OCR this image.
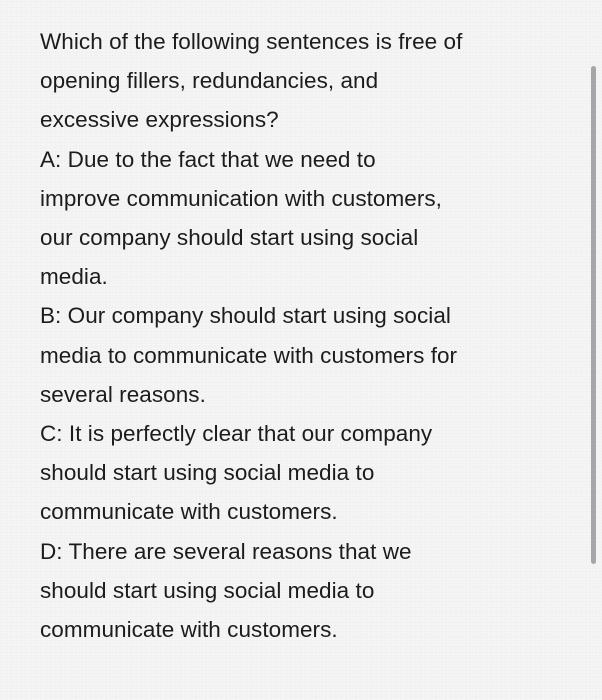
Which of the following sentences is free of
opening fillers, redundancies, and
excessive expressions?

A: Due to the fact that we need to
improve communication with customers,
our company should start using social
media.

B: Our company should start using social
media to communicate with customers for
several reasons.

C: It is perfectly clear that our company
should start using social media to
communicate with customers.

D: There are several reasons that we
should start using social media to
communicate with customers.
